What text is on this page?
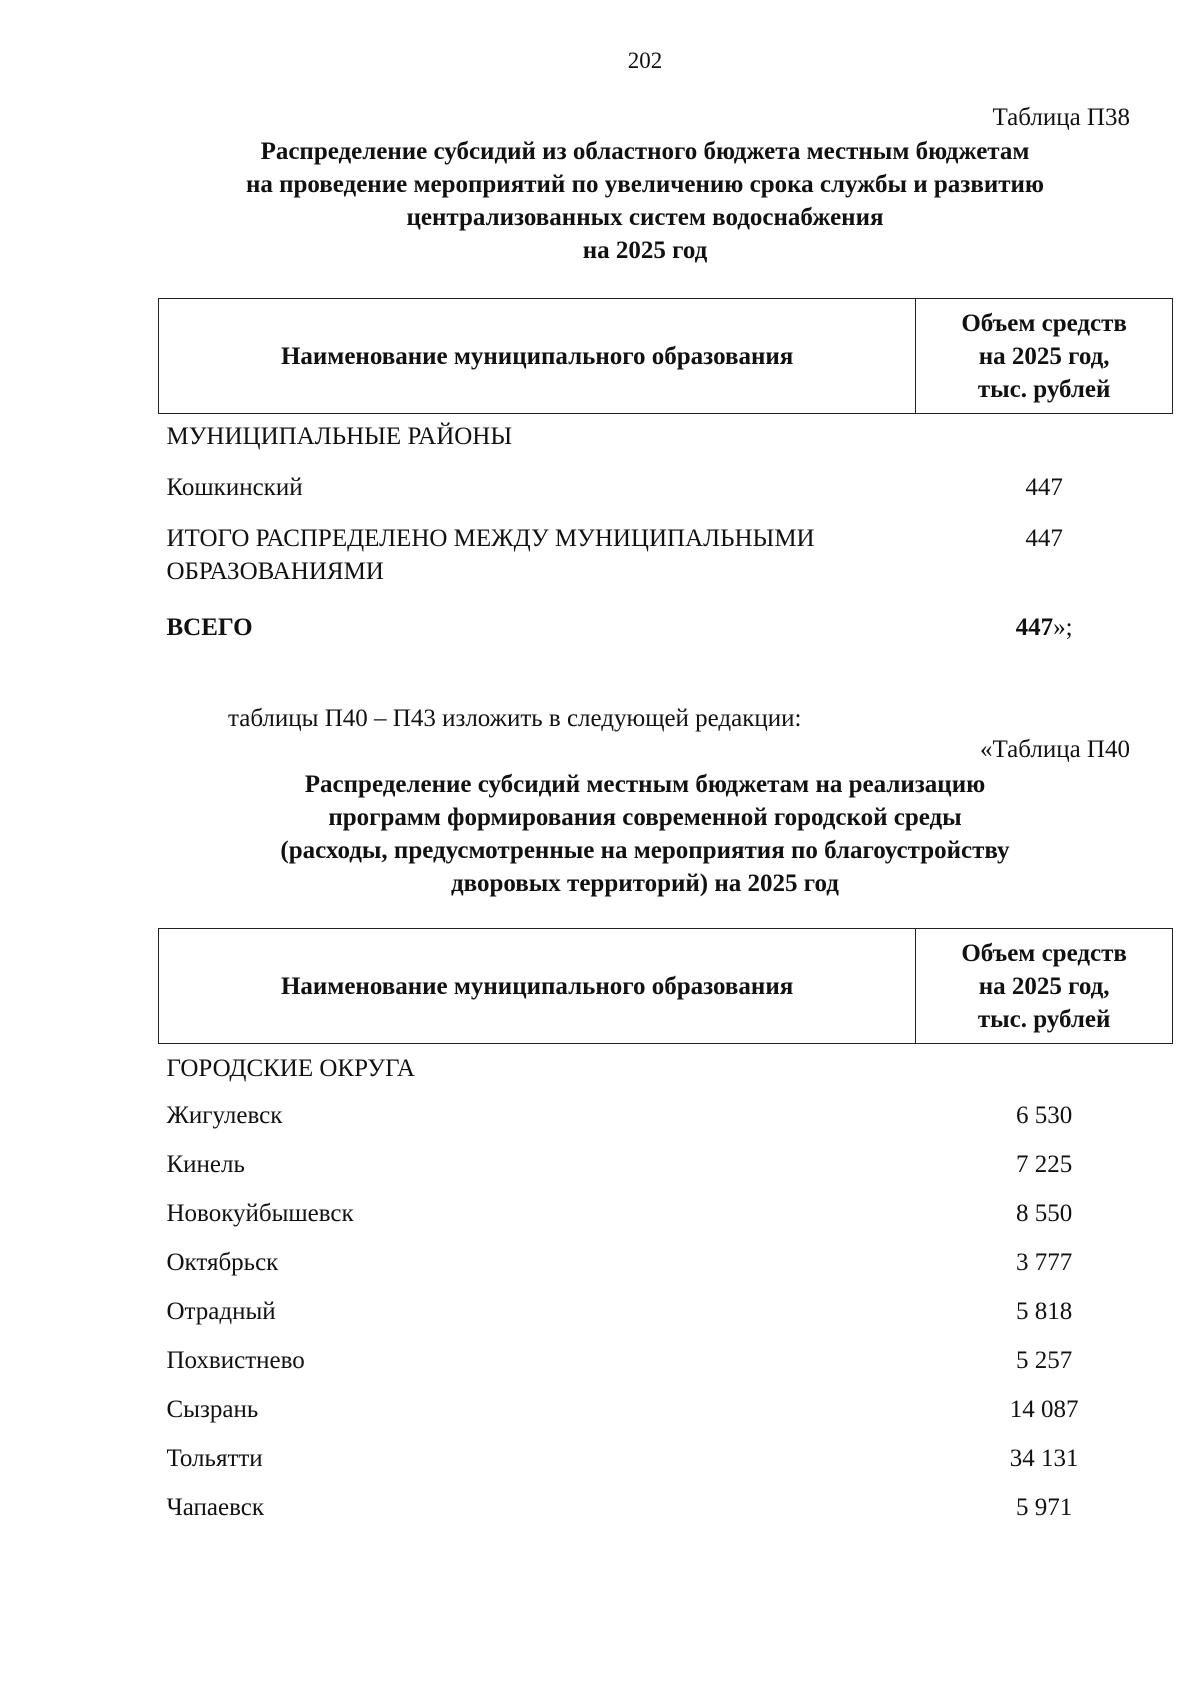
202
Таблица П38
Распределение субсидий из областного бюджета местным бюджетам
на проведение мероприятий по увеличению срока службы и развитию
централизованных систем водоснабжения
на 2025 год
Наименование муниципального образования	Объем средств
на 2025 год,
тыс. рублей

МУНИЦИПАЛЬНЫЕ РАЙОНЫ	
Кошкинский	447

ИТОГО РАСПРЕДЕЛЕНО МЕЖДУ МУНИЦИПАЛЬНЫМИ
ОБРАЗОВАНИЯМИ	447
ВСЕГО	447»;
таблицы П40 – П43 изложить в следующей редакции:
«Таблица П40
Распределение субсидий местным бюджетам на реализацию
программ формирования современной городской среды
(расходы, предусмотренные на мероприятия по благоустройству
дворовых территорий) на 2025 год
Наименование муниципального образования	Объем средств
на 2025 год,
тыс. рублей

ГОРОДСКИЕ ОКРУГА	
Жигулевск	6 530
Кинель	7 225
Новокуйбышевск	8 550
Октябрьск	3 777
Отрадный	5 818
Похвистнево	5 257
Сызрань	14 087
Тольятти	34 131
Чапаевск	5 971
